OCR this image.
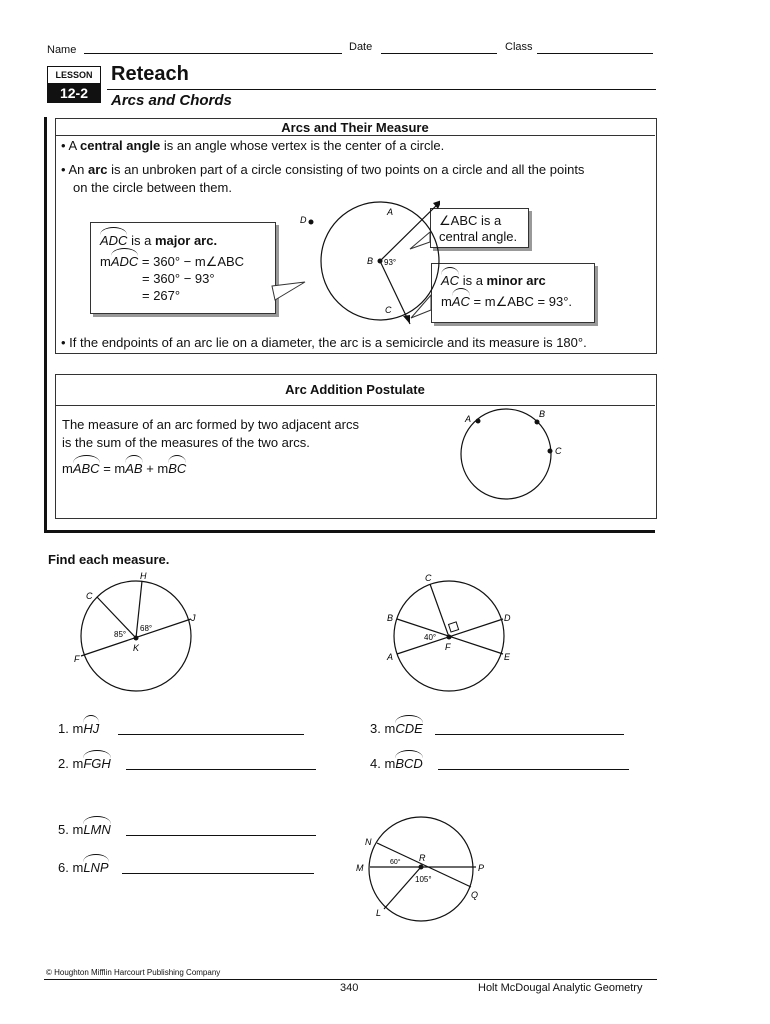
Name	Date	Class
LESSON
12-2
Reteach
Arcs and Chords
Arcs and Their Measure
• A central angle is an angle whose vertex is the center of a circle.
• An arc is an unbroken part of a circle consisting of two points on a circle and all the points
on the circle between them.
ADC is a major arc.
mADC = 360° − m∠ABC
= 360° − 93°
= 267°
∠ABC is a
central angle.
AC is a minor arc
mAC = m∠ABC = 93°.
D
A
B 93°
C
• If the endpoints of an arc lie on a diameter, the arc is a semicircle and its measure is 180°.
Arc Addition Postulate
The measure of an arc formed by two adjacent arcs
is the sum of the measures of the two arcs.
mABC = mAB + mBC
A	B
C
Find each measure.
C
H
J
F
K
85°
68°
C
B	D
A	E
F
40°
1. mHJ
2. mFGH
3. mCDE
4. mBCD
5. mLMN
6. mLNP
N
M
R
P
L
Q
60°
105°
© Houghton Mifflin Harcourt Publishing Company
340	Holt McDougal Analytic Geometry
